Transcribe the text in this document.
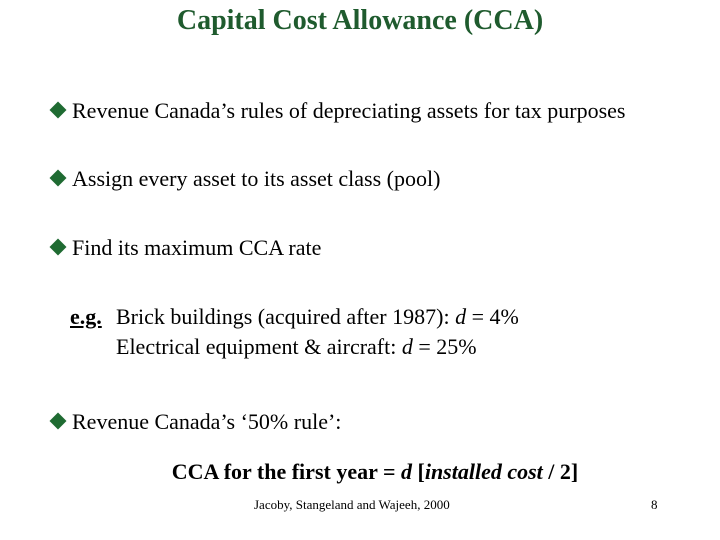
Capital Cost Allowance (CCA)
Revenue Canada’s rules of depreciating assets for tax purposes
Assign every asset to its asset class (pool)
Find its maximum CCA rate
e.g. Brick buildings (acquired after 1987): d = 4%
Electrical equipment & aircraft: d = 25%
Revenue Canada’s ‘50% rule’:
CCA for the first year = d [installed cost / 2]
Jacoby, Stangeland and Wajeeh, 2000	8
